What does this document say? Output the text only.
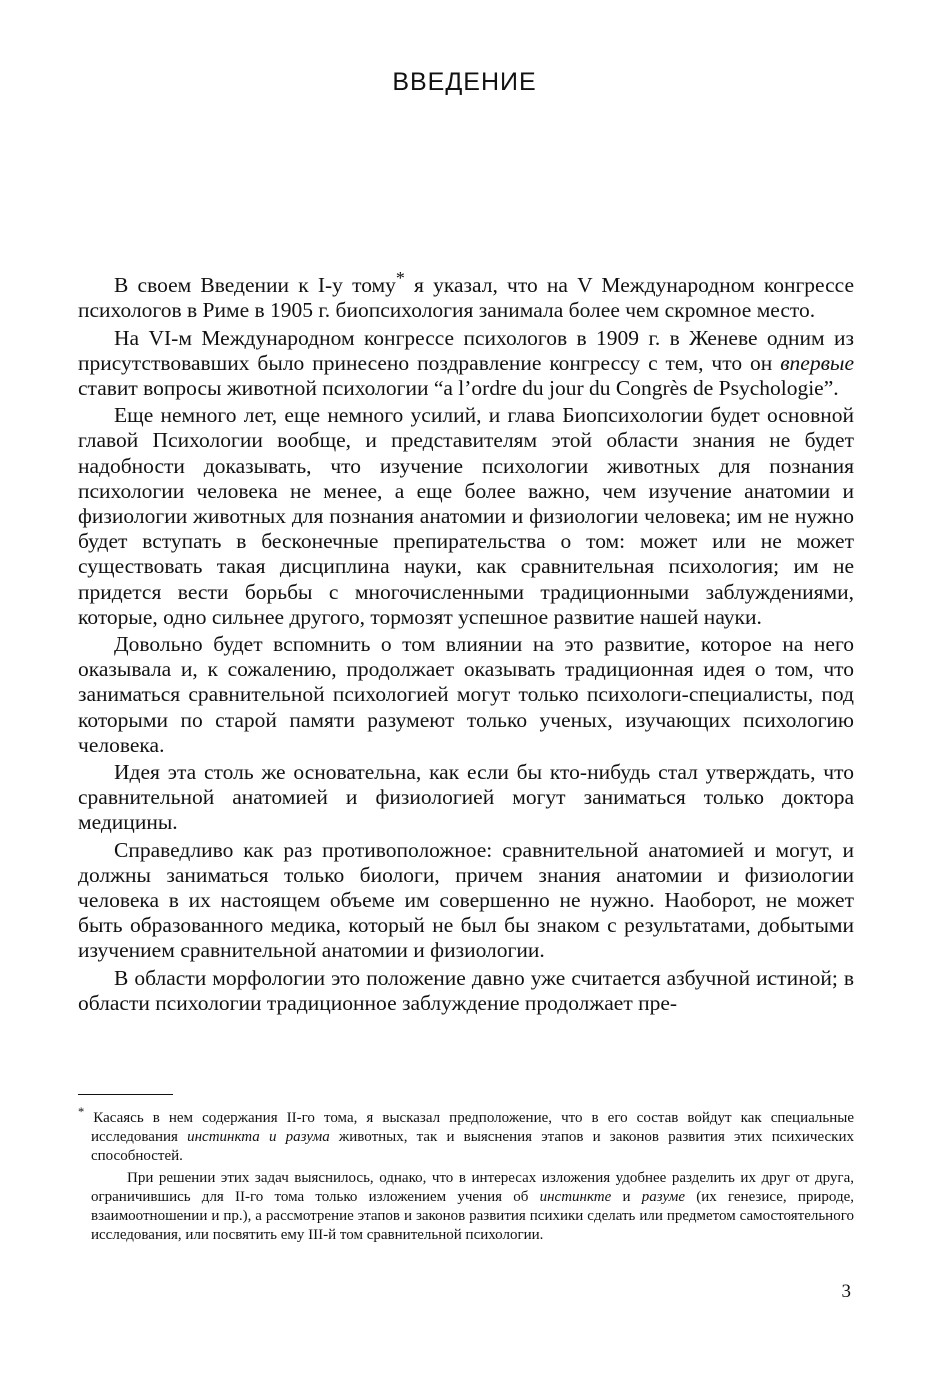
ВВЕДЕНИЕ

В своем Введении к I-у тому* я указал, что на V Международном конгрессе психологов в Риме в 1905 г. биопсихология занимала более чем скромное место.

На VI-м Международном конгрессе психологов в 1909 г. в Женеве одним из присутствовавших было принесено поздравление конгрессу с тем, что он впервые ставит вопросы животной психологии “a l’ordre du jour du Congrès de Psychologie”.

Еще немного лет, еще немного усилий, и глава Биопсихологии будет основной главой Психологии вообще, и представителям этой области знания не будет надобности доказывать, что изучение психологии животных для познания психологии человека не менее, а еще более важно, чем изучение анатомии и физиологии животных для познания анатомии и физиологии человека; им не нужно будет вступать в бесконечные препирательства о том: может или не может существовать такая дисциплина науки, как сравнительная психология; им не придется вести борьбы с многочисленными традиционными заблуждениями, которые, одно сильнее другого, тормозят успешное развитие нашей науки.

Довольно будет вспомнить о том влиянии на это развитие, которое на него оказывала и, к сожалению, продолжает оказывать традиционная идея о том, что заниматься сравнительной психологией могут только психологи-специалисты, под которыми по старой памяти разумеют только ученых, изучающих психологию человека.

Идея эта столь же основательна, как если бы кто-нибудь стал утверждать, что сравнительной анатомией и физиологией могут заниматься только доктора медицины.

Справедливо как раз противоположное: сравнительной анатомией и могут, и должны заниматься только биологи, причем знания анатомии и физиологии человека в их настоящем объеме им совершенно не нужно. Наоборот, не может быть образованного медика, который не был бы знаком с результатами, добытыми изучением сравнительной анатомии и физиологии.

В области морфологии это положение давно уже считается азбучной истиной; в области психологии традиционное заблуждение продолжает пре-

* Касаясь в нем содержания II-го тома, я высказал предположение, что в его состав войдут как специальные исследования инстинкта и разума животных, так и выяснения этапов и законов развития этих психических способностей.

При решении этих задач выяснилось, однако, что в интересах изложения удобнее разделить их друг от друга, ограничившись для II-го тома только изложением учения об инстинкте и разуме (их генезисе, природе, взаимоотношении и пр.), а рассмотрение этапов и законов развития психики сделать или предметом самостоятельного исследования, или посвятить ему III-й том сравнительной психологии.

3
